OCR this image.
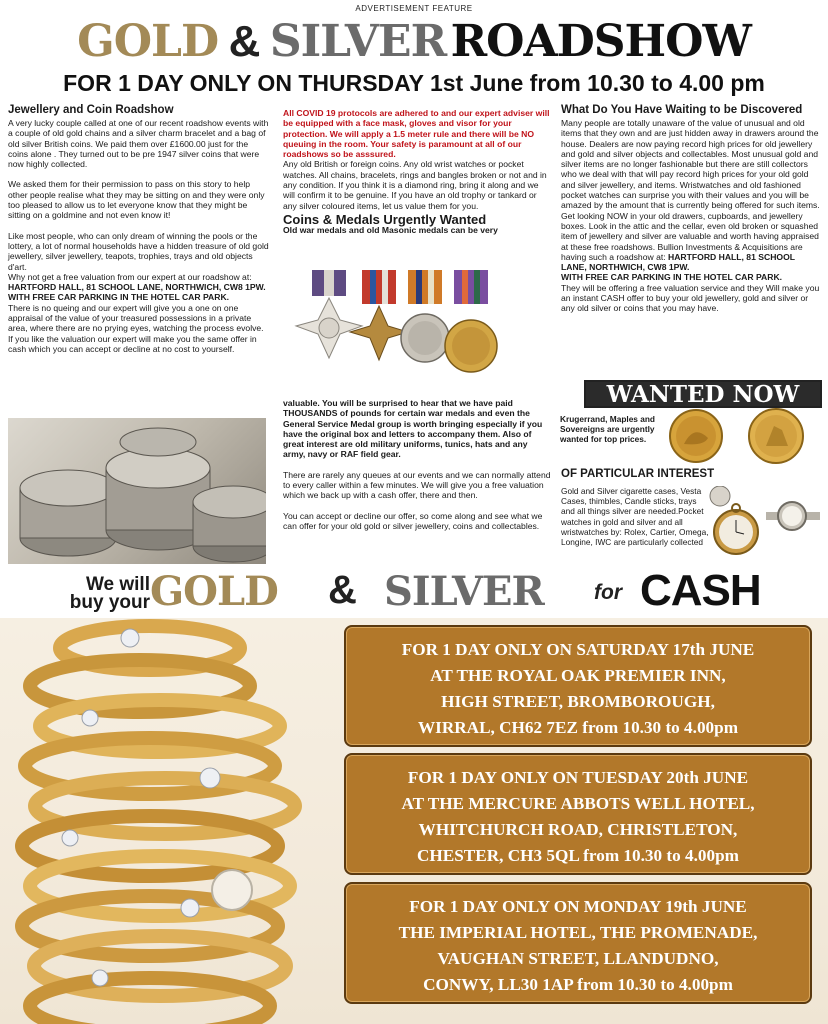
ADVERTISEMENT FEATURE
GOLD & SILVER ROADSHOW
FOR 1 DAY ONLY ON THURSDAY 1st June from 10.30 to 4.00 pm
Jewellery and Coin Roadshow

A very lucky couple called at one of our recent roadshow events with a couple of old gold chains and a silver charm bracelet and a bag of old silver British coins. We paid them over £1600.00 just for the coins alone . They turned out to be pre 1947 silver coins that were now highly collected.

We asked them for their permission to pass on this story to help other people realise what they may be sitting on and they were only too pleased to allow us to let everyone know that they might be sitting on a goldmine and not even know it!

Like most people, who can only dream of winning the pools or the lottery, a lot of normal households have a hidden treasure of old gold jewellery, silver jewellery, teapots, trophies, trays and old objects d'art.
Why not get a free valuation from our expert at our roadshow at: HARTFORD HALL, 81 SCHOOL LANE, NORTHWICH, CW8 1PW.
WITH FREE CAR PARKING IN THE HOTEL CAR PARK.
There is no queing and our expert will give you a one on one appraisal of the value of your treasured possessions in a private area, where there are no prying eyes, watching the process evolve.
If you like the valuation our expert will make you the same offer in cash which you can accept or decline at no cost to yourself.

All COVID 19 protocols are adhered to and our expert adviser will be equipped with a face mask, gloves and visor for your protection. We will apply a 1.5 meter rule and there will be NO queuing in the room. Your safety is paramount at all of our roadshows so be asssured.

Any old British or foreign coins. Any old wrist watches or pocket watches. All chains, bracelets, rings and bangles broken or not and in any condition. If you think it is a diamond ring, bring it along and we will confirm it to be genuine. If you have an old trophy or tankard or any silver coloured items, let us value them for you.

Coins & Medals Urgently Wanted
Old war medals and old Masonic medals can be very

valuable. You will be surprised to hear that we have paid THOUSANDS of pounds for certain war medals and even the General Service Medal group is worth bringing especially if you have the original box and letters to accompany them. Also of great interest are old military uniforms, tunics, hats and any army, navy or RAF field gear.

There are rarely any queues at our events and we can normally attend to every caller within a few minutes. We will give you a free valuation which we back up with a cash offer, there and then.

You can accept or decline our offer, so come along and see what we can offer for your old gold or silver jewellery, coins and collectables.

What Do You Have Waiting to be Discovered
Many people are totally unaware of the value of unusual and old items that they own and are just hidden away in drawers around the house. Dealers are now paying record high prices for old jewellery and gold and silver objects and collectables. Most unusual gold and silver items are no longer fashionable but there are still collectors who we deal with that will pay record high prices for your old gold and silver jewellery, and items. Wristwatches and old fashioned pocket watches can surprise you with their values and you will be amazed by the amount that is currently being offered for such items.
Get looking NOW in your old drawers, cupboards, and jewellery boxes. Look in the attic and the cellar, even old broken or squashed item of jewellery and silver are valuable and worth having appraised at these free roadshows. Bullion Investments & Acquisitions are having such a roadshow at: HARTFORD HALL, 81 SCHOOL LANE, NORTHWICH, CW8 1PW.
WITH FREE CAR PARKING IN THE HOTEL CAR PARK.
They will be offering a free valuation service and they Will make you an instant CASH offer to buy your old jewellery, gold and silver or any old silver or coins that you may have.
WANTED NOW
Krugerrand, Maples and Sovereigns are urgently wanted for top prices.
OF PARTICULAR INTEREST
Gold and Silver cigarette cases, Vesta Cases, thimbles, Candle sticks, trays and all things silver are needed.Pocket watches in gold and silver and all wristwatches by: Rolex, Cartier, Omega, Longine, IWC are particularly collected
We will
buy your GOLD & SILVER for CASH
FOR 1 DAY ONLY ON SATURDAY 17th JUNE
AT THE ROYAL OAK PREMIER INN,
HIGH STREET, BROMBOROUGH,
WIRRAL, CH62 7EZ from 10.30 to 4.00pm
FOR 1 DAY ONLY ON TUESDAY 20th JUNE
AT THE MERCURE ABBOTS WELL HOTEL,
WHITCHURCH ROAD, CHRISTLETON,
CHESTER, CH3 5QL from 10.30 to 4.00pm
FOR 1 DAY ONLY ON MONDAY 19th JUNE
THE IMPERIAL HOTEL, THE PROMENADE,
VAUGHAN STREET, LLANDUDNO,
CONWY, LL30 1AP from 10.30 to 4.00pm
